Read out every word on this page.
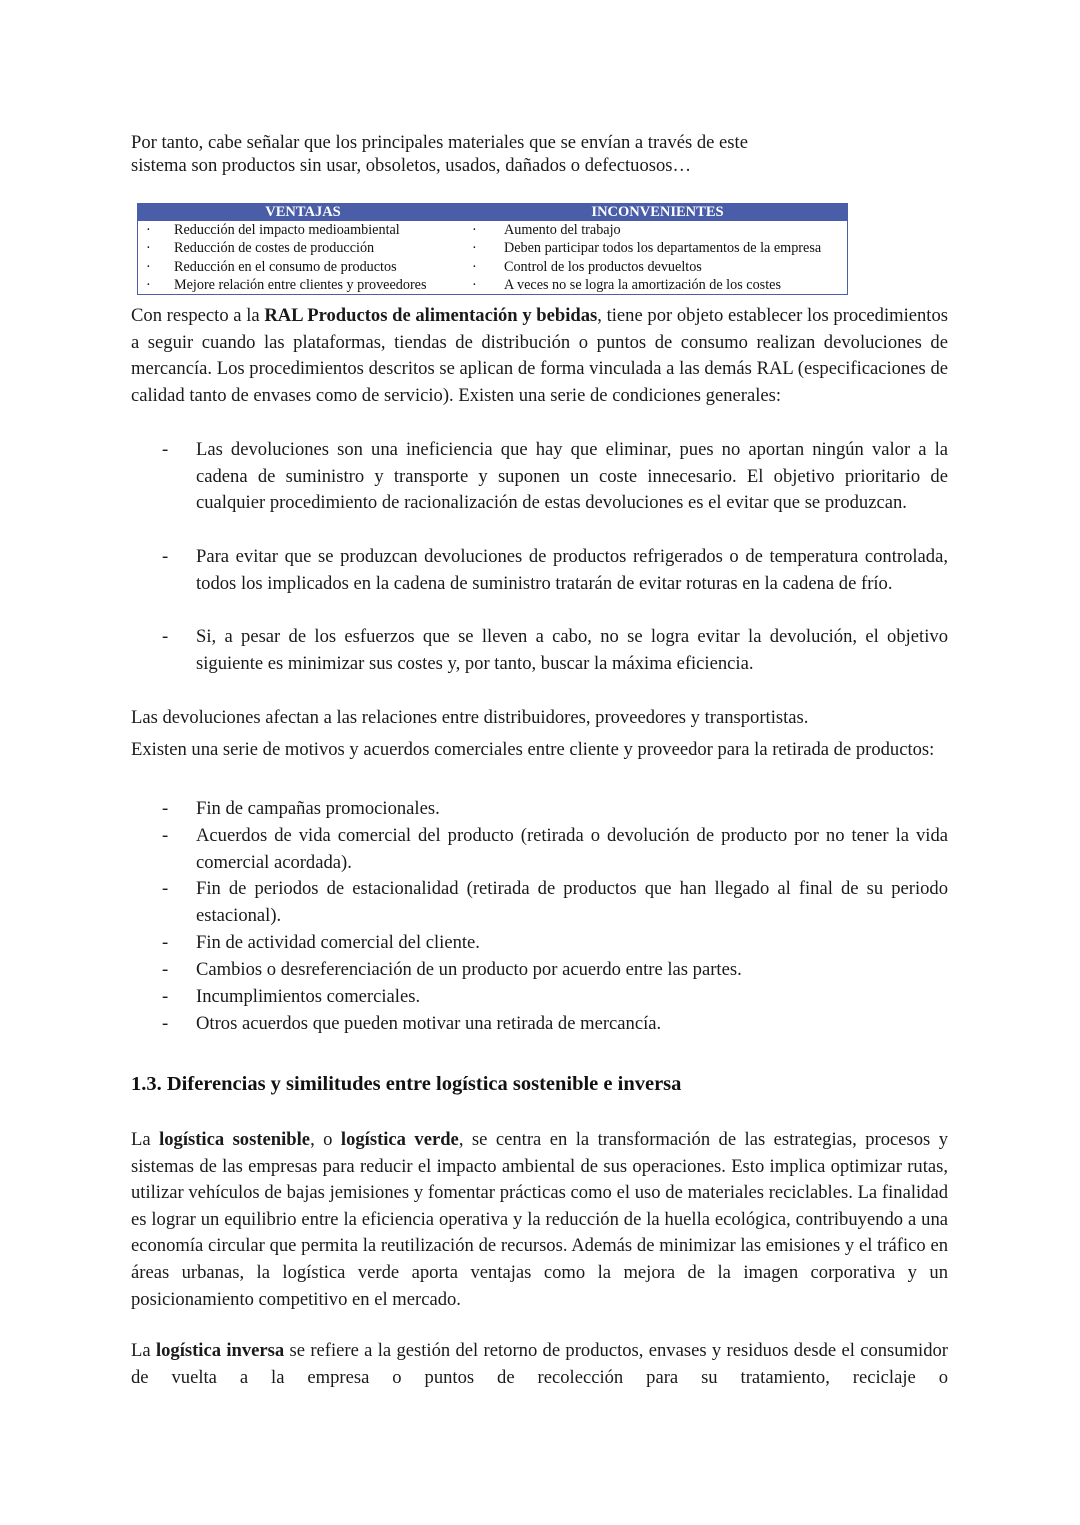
Por tanto, cabe señalar que los principales materiales que se envían a través de este
sistema son productos sin usar, obsoletos, usados, dañados o defectuosos…

VENTAJAS	INCONVENIENTES
·	Reducción del impacto medioambiental	·	Aumento del trabajo
·	Reducción de costes de producción	·	Deben participar todos los departamentos de la empresa
·	Reducción en el consumo de productos	·	Control de los productos devueltos
·	Mejore relación entre clientes y proveedores	·	A veces no se logra la amortización de los costes

Con respecto a la RAL Productos de alimentación y bebidas, tiene por objeto establecer los procedimientos a seguir cuando las plataformas, tiendas de distribución o puntos de consumo realizan devoluciones de mercancía. Los procedimientos descritos se aplican de forma vinculada a las demás RAL (especificaciones de calidad tanto de envases como de servicio). Existen una serie de condiciones generales:

- Las devoluciones son una ineficiencia que hay que eliminar, pues no aportan ningún valor a la cadena de suministro y transporte y suponen un coste innecesario. El objetivo prioritario de cualquier procedimiento de racionalización de estas devoluciones es el evitar que se produzcan.
- Para evitar que se produzcan devoluciones de productos refrigerados o de temperatura controlada, todos los implicados en la cadena de suministro tratarán de evitar roturas en la cadena de frío.
- Si, a pesar de los esfuerzos que se lleven a cabo, no se logra evitar la devolución, el objetivo siguiente es minimizar sus costes y, por tanto, buscar la máxima eficiencia.

Las devoluciones afectan a las relaciones entre distribuidores, proveedores y transportistas.

Existen una serie de motivos y acuerdos comerciales entre cliente y proveedor para la retirada de productos:

- Fin de campañas promocionales.
- Acuerdos de vida comercial del producto (retirada o devolución de producto por no tener la vida comercial acordada).
- Fin de periodos de estacionalidad (retirada de productos que han llegado al final de su periodo estacional).
- Fin de actividad comercial del cliente.
- Cambios o desreferenciación de un producto por acuerdo entre las partes.
- Incumplimientos comerciales.
- Otros acuerdos que pueden motivar una retirada de mercancía.
1.3. Diferencias y similitudes entre logística sostenible e inversa

La logística sostenible, o logística verde, se centra en la transformación de las estrategias, procesos y sistemas de las empresas para reducir el impacto ambiental de sus operaciones. Esto implica optimizar rutas, utilizar vehículos de bajas jemisiones y fomentar prácticas como el uso de materiales reciclables. La finalidad es lograr un equilibrio entre la eficiencia operativa y la reducción de la huella ecológica, contribuyendo a una economía circular que permita la reutilización de recursos. Además de minimizar las emisiones y el tráfico en áreas urbanas, la logística verde aporta ventajas como la mejora de la imagen corporativa y un posicionamiento competitivo en el mercado.

La logística inversa se refiere a la gestión del retorno de productos, envases y residuos desde el consumidor de vuelta a la empresa o puntos de recolección para su tratamiento, reciclaje o
